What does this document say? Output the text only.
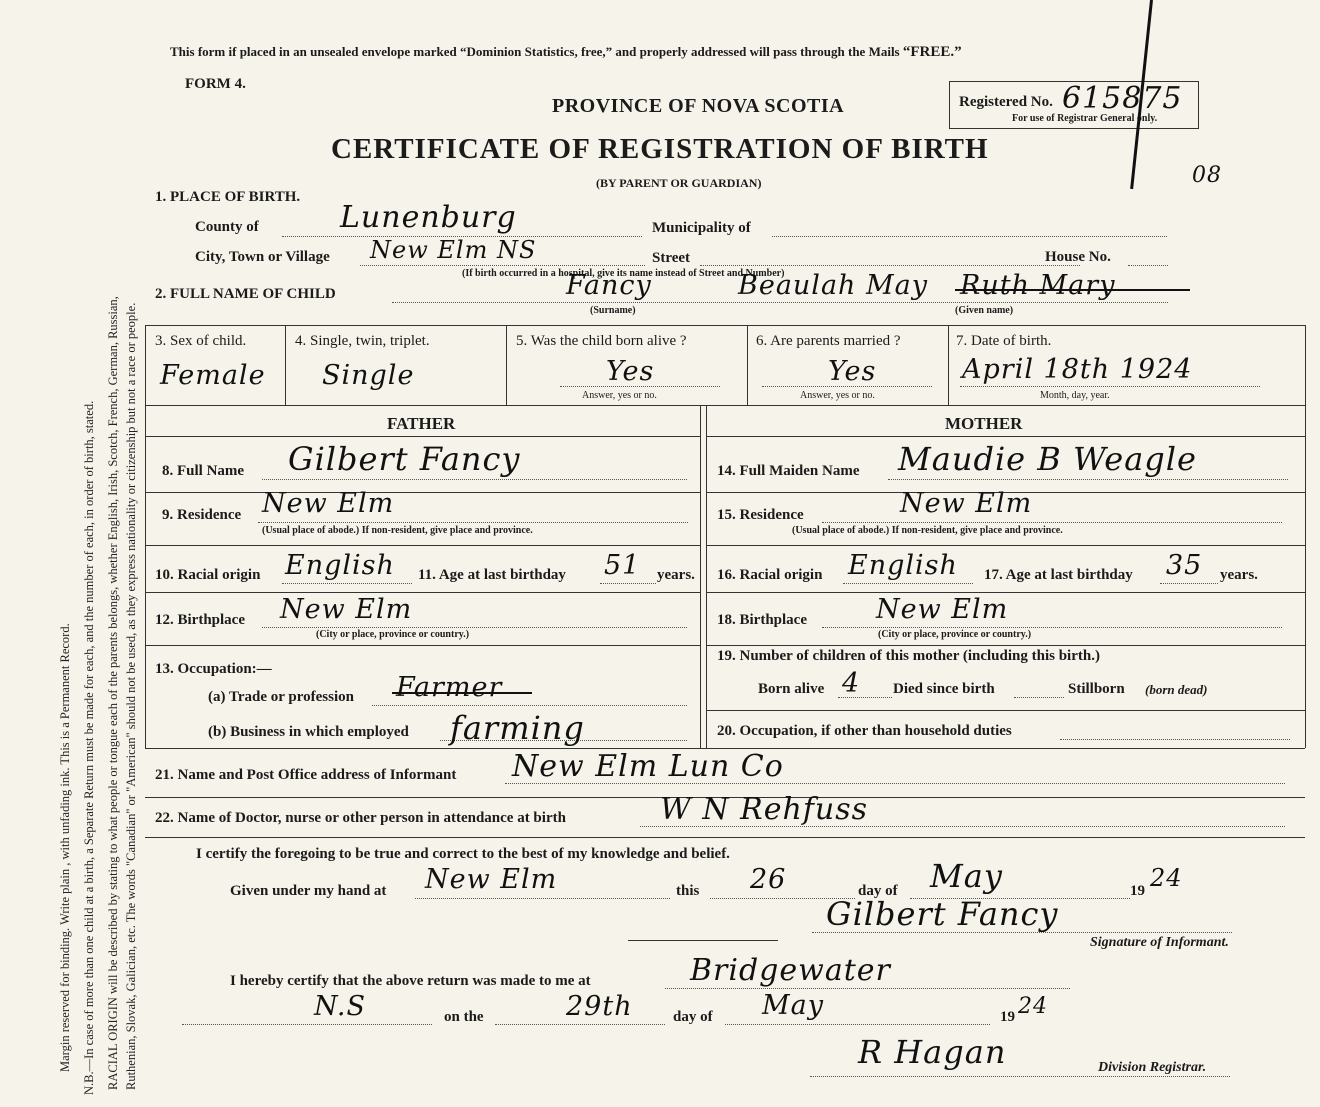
Margin reserved for binding. Write plain , with unfading ink. This is a Permanent Record. N.B.—In case of more than one child at a birth, a Separate Return must be made for each, and the number of each, in order of birth, stated. RACIAL ORIGIN will be described by stating to what people or tongue each of the parents belongs, whether English, Irish, Scotch, French, German, Russian, Ruthenian, Slovak, Galician, etc. The words "Canadian" or "American" should not be used, as they express nationality or citizenship but not a race or people.
This form if placed in an unsealed envelope marked “Dominion Statistics, free,” and properly addressed will pass through the Mails “FREE.”
FORM 4.
PROVINCE OF NOVA SCOTIA
CERTIFICATE OF REGISTRATION OF BIRTH
(BY PARENT OR GUARDIAN)
Registered No. 615875
For use of Registrar General only.
08
1. PLACE OF BIRTH.
County of	Lunenburg	Municipality of
City, Town or Village New Elm NS	Street	House No.
(If birth occurred in a hospital, give its name instead of Street and Number)
2. FULL NAME OF CHILD	Fancy
(Surname)
Beaulah May Ruth Mary
(Given name)
3. Sex of child.
Female
4. Single, twin, triplet.
Single
5. Was the child born alive ?
Yes
Answer, yes or no.
6. Are parents married ?
Yes
Answer, yes or no.
7. Date of birth.
April 18th 1924
Month, day, year.
FATHER	MOTHER
8. Full Name Gilbert Fancy
9. Residence New Elm
(Usual place of abode.) If non-resident, give place and province.
10. Racial origin English 11. Age at last birthday 51 years.
12. Birthplace New Elm
(City or place, province or country.)
13. Occupation:—
(a) Trade or profession Farmer
(b) Business in which employed farming
14. Full Maiden Name Maudie B Weagle
15. Residence	New Elm
(Usual place of abode.) If non-resident, give place and province.
16. Racial origin English 17. Age at last birthday 35 years.
18. Birthplace	New Elm
(City or place, province or country.)
19. Number of children of this mother (including this birth.)
Born alive 4 Died since birth	Stillborn (born dead)
20. Occupation, if other than household duties
21. Name and Post Office address of Informant New Elm Lun Co
22. Name of Doctor, nurse or other person in attendance at birth	W N Rehfuss
I certify the foregoing to be true and correct to the best of my knowledge and belief.
Given under my hand at New Elm	this 26	day of May	19 24
Gilbert Fancy
Signature of Informant.
I hereby certify that the above return was made to me at	Bridgewater
N.S	on the	29th	day of May	19 24
R Hagan	Division Registrar.
